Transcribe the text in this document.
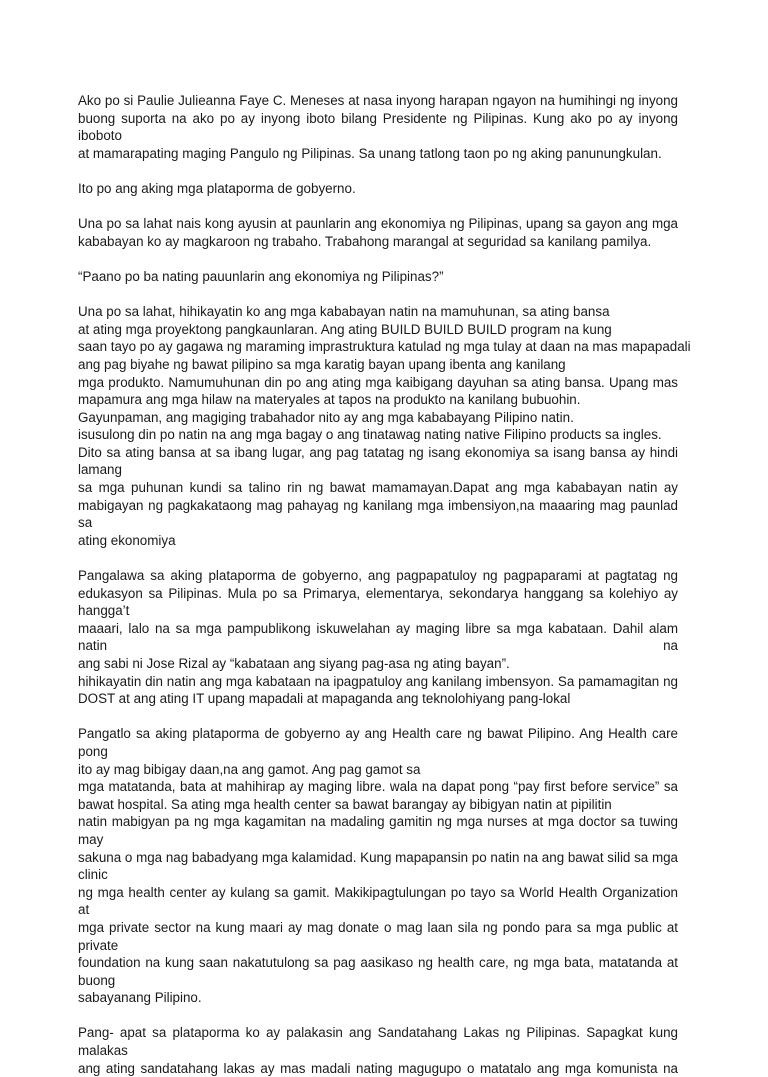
Ako po si Paulie Julieanna Faye C. Meneses at nasa inyong harapan ngayon na humihingi ng inyong
buong suporta na ako po ay inyong iboto bilang Presidente ng Pilipinas. Kung ako po ay inyong iboboto
at mamarapating maging Pangulo ng Pilipinas. Sa unang tatlong taon po ng aking panunungkulan.
Ito po ang aking mga plataporma de gobyerno.
Una po sa lahat nais kong ayusin at paunlarin ang ekonomiya ng Pilipinas, upang sa gayon ang mga
kababayan ko ay magkaroon ng trabaho. Trabahong marangal at seguridad sa kanilang pamilya.
“Paano po ba nating pauunlarin ang ekonomiya ng Pilipinas?”
Una po sa lahat, hihikayatin ko ang mga kababayan natin na mamuhunan, sa ating bansa
at ating mga proyektong pangkaunlaran. Ang ating BUILD BUILD BUILD program na kung
saan tayo po ay gagawa ng maraming imprastruktura katulad ng mga tulay at daan na mas mapapadali
ang pag biyahe ng bawat pilipino sa mga karatig bayan upang ibenta ang kanilang
mga produkto. Namumuhunan din po ang ating mga kaibigang dayuhan sa ating bansa. Upang mas
mapamura ang mga hilaw na materyales at tapos na produkto na kanilang bubuohin.
Gayunpaman, ang magiging trabahador nito ay ang mga kababayang Pilipino natin.
isusulong din po natin na ang mga bagay o ang tinatawag nating native Filipino products sa ingles.
Dito sa ating bansa at sa ibang lugar, ang pag tatatag ng isang ekonomiya sa isang bansa ay hindi lamang
sa mga puhunan kundi sa talino rin ng bawat mamamayan.Dapat ang mga kababayan natin ay
mabigayan ng pagkakataong mag pahayag ng kanilang mga imbensiyon,na maaaring mag paunlad sa
ating ekonomiya
Pangalawa sa aking plataporma de gobyerno, ang pagpapatuloy ng pagpaparami at pagtatag ng
edukasyon sa Pilipinas. Mula po sa Primarya, elementarya, sekondarya hanggang sa kolehiyo ay hangga’t
maaari, lalo na sa mga pampublikong iskuwelahan ay maging libre sa mga kabataan. Dahil alam natin na
ang sabi ni Jose Rizal ay “kabataan ang siyang pag-asa ng ating bayan”.
hihikayatin din natin ang mga kabataan na ipagpatuloy ang kanilang imbensyon. Sa pamamagitan ng
DOST at ang ating IT upang mapadali at mapaganda ang teknolohiyang pang-lokal
Pangatlo sa aking plataporma de gobyerno ay ang Health care ng bawat Pilipino. Ang Health care pong
ito ay mag bibigay daan,na ang gamot. Ang pag gamot sa
mga matatanda, bata at mahihirap ay maging libre. wala na dapat pong “pay first before service” sa
bawat hospital. Sa ating mga health center sa bawat barangay ay bibigyan natin at pipilitin
natin mabigyan pa ng mga kagamitan na madaling gamitin ng mga nurses at mga doctor sa tuwing may
sakuna o mga nag babadyang mga kalamidad. Kung mapapansin po natin na ang bawat silid sa mga clinic
ng mga health center ay kulang sa gamit. Makikipagtulungan po tayo sa World Health Organization at
mga private sector na kung maari ay mag donate o mag laan sila ng pondo para sa mga public at private
foundation na kung saan nakatutulong sa pag aasikaso ng health care, ng mga bata, matatanda at buong
sabayanang Pilipino.
Pang- apat sa plataporma ko ay palakasin ang Sandatahang Lakas ng Pilipinas. Sapagkat kung malakas
ang ating sandatahang lakas ay mas madali nating magugupo o matatalo ang mga komunista na
